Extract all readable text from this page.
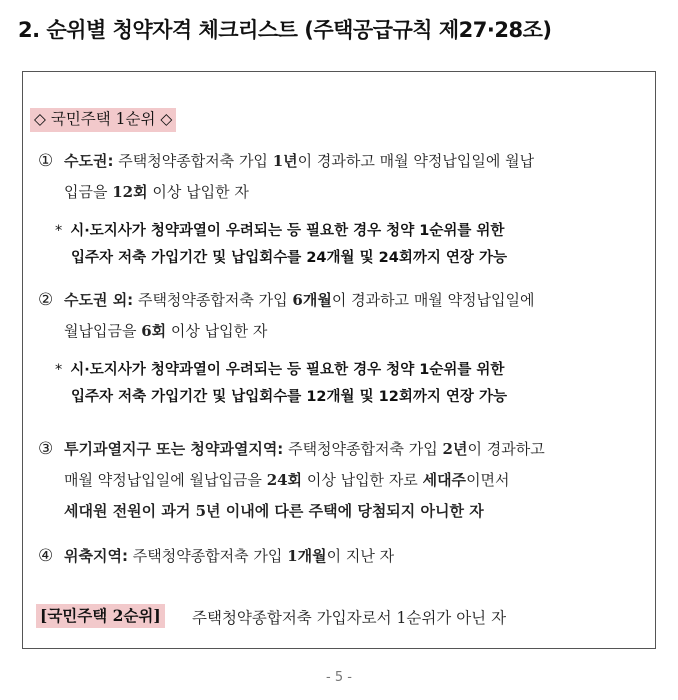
2. 순위별 청약자격 체크리스트 (주택공급규칙 제27·28조)
◇ 국민주택 1순위 ◇
① 수도권: 주택청약종합저축 가입 1년이 경과하고 매월 약정납입일에 월납
입금을 12회 이상 납입한 자
* 시·도지사가 청약과열이 우려되는 등 필요한 경우 청약 1순위를 위한
입주자 저축 가입기간 및 납입회수를 24개월 및 24회까지 연장 가능
② 수도권 외: 주택청약종합저축 가입 6개월이 경과하고 매월 약정납입일에
월납입금을 6회 이상 납입한 자
* 시·도지사가 청약과열이 우려되는 등 필요한 경우 청약 1순위를 위한
입주자 저축 가입기간 및 납입회수를 12개월 및 12회까지 연장 가능
③ 투기과열지구 또는 청약과열지역: 주택청약종합저축 가입 2년이 경과하고
매월 약정납입일에 월납입금을 24회 이상 납입한 자로 세대주이면서
세대원 전원이 과거 5년 이내에 다른 주택에 당첨되지 아니한 자
④ 위축지역: 주택청약종합저축 가입 1개월이 지난 자
[국민주택 2순위] 주택청약종합저축 가입자로서 1순위가 아닌 자
- 5 -
